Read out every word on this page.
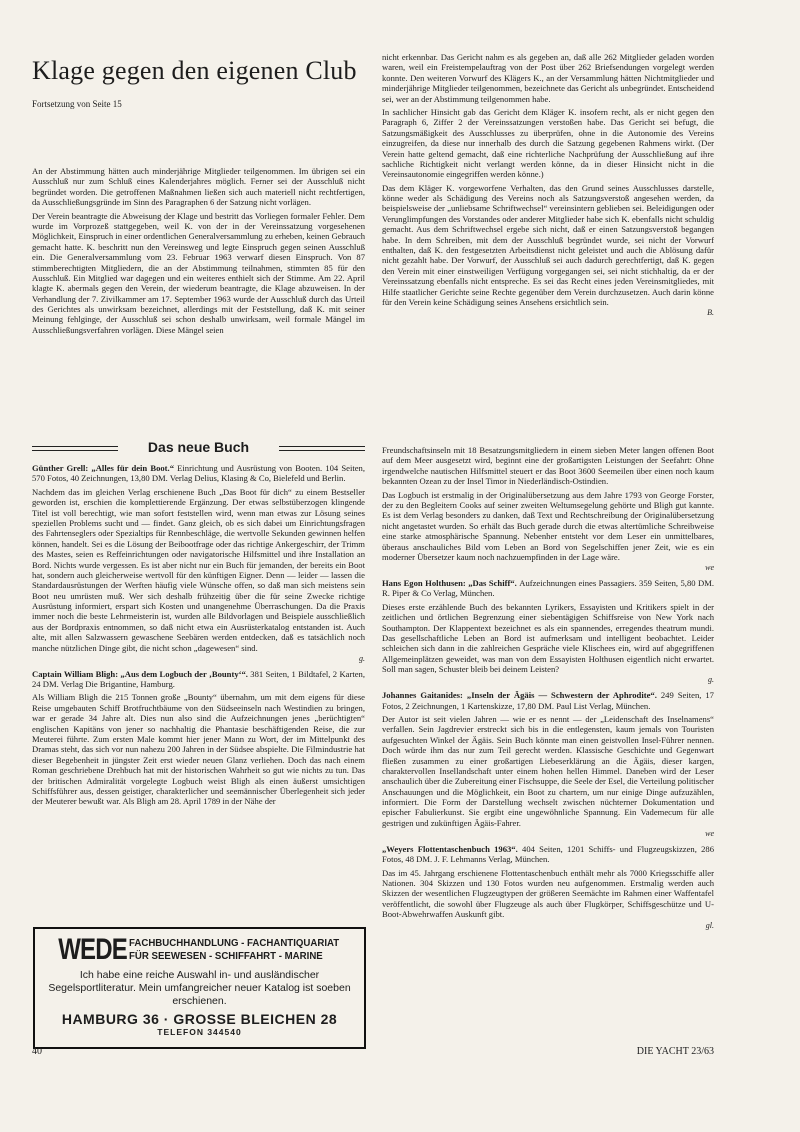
Klage gegen den eigenen Club

Fortsetzung von Seite 15

An der Abstimmung hätten auch minderjährige Mitglieder teilgenommen. Im übrigen sei ein Ausschluß nur zum Schluß eines Kalenderjahres möglich. Ferner sei der Ausschluß nicht begründet worden. Die getroffenen Maßnahmen ließen sich auch materiell nicht rechtfertigen, da Ausschließungsgründe im Sinn des Paragraphen 6 der Satzung nicht vorlägen.

Der Verein beantragte die Abweisung der Klage und bestritt das Vorliegen formaler Fehler. Dem wurde im Vorprozeß stattgegeben, weil K. von der in der Vereinssatzung vorgesehenen Möglichkeit, Einspruch in einer ordentlichen Generalversammlung zu erheben, keinen Gebrauch gemacht hatte. K. beschritt nun den Vereinsweg und legte Einspruch gegen seinen Ausschluß ein. Die Generalversammlung vom 23. Februar 1963 verwarf diesen Einspruch. Von 87 stimmberechtigten Mitgliedern, die an der Abstimmung teilnahmen, stimmten 85 für den Ausschluß. Ein Mitglied war dagegen und ein weiteres enthielt sich der Stimme. Am 22. April klagte K. abermals gegen den Verein, der wiederum beantragte, die Klage abzuweisen. In der Verhandlung der 7. Zivilkammer am 17. September 1963 wurde der Ausschluß durch das Urteil des Gerichtes als unwirksam bezeichnet, allerdings mit der Feststellung, daß K. mit seiner Meinung fehlginge, der Ausschluß sei schon deshalb unwirksam, weil formale Mängel im Ausschließungsverfahren vorlägen. Diese Mängel seien

nicht erkennbar. Das Gericht nahm es als gegeben an, daß alle 262 Mitglieder geladen worden waren, weil ein Freistempelauftrag von der Post über 262 Briefsendungen vorgelegt werden konnte. Den weiteren Vorwurf des Klägers K., an der Versammlung hätten Nichtmitglieder und minderjährige Mitglieder teilgenommen, bezeichnete das Gericht als unbegründet. Entscheidend sei, wer an der Abstimmung teilgenommen habe.

In sachlicher Hinsicht gab das Gericht dem Kläger K. insofern recht, als er nicht gegen den Paragraph 6, Ziffer 2 der Vereinssatzungen verstoßen habe. Das Gericht sei befugt, die Satzungsmäßigkeit des Ausschlusses zu überprüfen, ohne in die Autonomie des Vereins einzugreifen, da diese nur innerhalb des durch die Satzung gegebenen Rahmens wirkt. (Der Verein hatte geltend gemacht, daß eine richterliche Nachprüfung der Ausschließung auf ihre sachliche Richtigkeit nicht verlangt werden könne, da in dieser Hinsicht nicht in die Vereinsautonomie eingegriffen werden könne.)

Das dem Kläger K. vorgeworfene Verhalten, das den Grund seines Ausschlusses darstelle, könne weder als Schädigung des Vereins noch als Satzungsverstoß angesehen werden, da beispielsweise der „unliebsame Schriftwechsel“ vereinsintern geblieben sei. Beleidigungen oder Verunglimpfungen des Vorstandes oder anderer Mitglieder habe sich K. ebenfalls nicht schuldig gemacht. Aus dem Schriftwechsel ergebe sich nicht, daß er einen Satzungsverstoß begangen habe. In dem Schreiben, mit dem der Ausschluß begründet wurde, sei nicht der Vorwurf enthalten, daß K. den festgesetzten Arbeitsdienst nicht geleistet und auch die Ablösung dafür nicht gezahlt habe. Der Vorwurf, der Ausschluß sei auch dadurch gerechtfertigt, daß K. gegen den Verein mit einer einstweiligen Verfügung vorgegangen sei, sei nicht stichhaltig, da er der Vereinssatzung ebenfalls nicht entspreche. Es sei das Recht eines jeden Vereinsmitgliedes, mit Hilfe staatlicher Gerichte seine Rechte gegenüber dem Verein durchzusetzen. Auch darin könne für den Verein keine Schädigung seines Ansehens ersichtlich sein.

B.
Das neue Buch

Günther Grell: „Alles für dein Boot.“ Einrichtung und Ausrüstung von Booten. 104 Seiten, 570 Fotos, 40 Zeichnungen, 13,80 DM. Verlag Delius, Klasing & Co, Bielefeld und Berlin.

Nachdem das im gleichen Verlag erschienene Buch „Das Boot für dich“ zu einem Bestseller geworden ist, erschien die komplettierende Ergänzung. Der etwas selbstüberzogen klingende Titel ist voll berechtigt, wie man sofort feststellen wird, wenn man etwas zur Lösung seines speziellen Problems sucht und — findet. Ganz gleich, ob es sich dabei um Einrichtungsfragen des Fahrtenseglers oder Spezialtips für Rennbeschläge, die wertvolle Sekunden gewinnen helfen können, handelt. Sei es die Lösung der Beibootfrage oder das richtige Ankergeschirr, der Trimm des Mastes, seien es Reffeinrichtungen oder navigatorische Hilfsmittel und ihre Installation an Bord. Nichts wurde vergessen. Es ist aber nicht nur ein Buch für jemanden, der bereits ein Boot hat, sondern auch gleicherweise wertvoll für den künftigen Eigner. Denn — leider — lassen die Standardausrüstungen der Werften häufig viele Wünsche offen, so daß man sich meistens sein Boot neu umrüsten muß. Wer sich deshalb frühzeitig über die für seine Zwecke richtige Ausrüstung informiert, erspart sich Kosten und unangenehme Überraschungen. Da die Praxis immer noch die beste Lehrmeisterin ist, wurden alle Bildvorlagen und Beispiele ausschließlich aus der Bordpraxis entnommen, so daß nicht etwa ein Ausrüsterkatalog entstanden ist. Auch alte, mit allen Salzwassern gewaschene Seebären werden entdecken, daß es tatsächlich noch manche nützlichen Dinge gibt, die nicht schon „dagewesen“ sind.

g.

Captain William Bligh: „Aus dem Logbuch der ‚Bounty‘“. 381 Seiten, 1 Bildtafel, 2 Karten, 24 DM. Verlag Die Brigantine, Hamburg.

Als William Bligh die 215 Tonnen große „Bounty“ übernahm, um mit dem eigens für diese Reise umgebauten Schiff Brotfruchtbäume von den Südseeinseln nach Westindien zu bringen, war er gerade 34 Jahre alt. Dies nun also sind die Aufzeichnungen jenes „berüchtigten“ englischen Kapitäns von jener so nachhaltig die Phantasie beschäftigenden Reise, die zur Meuterei führte. Zum ersten Male kommt hier jener Mann zu Wort, der im Mittelpunkt des Dramas steht, das sich vor nun nahezu 200 Jahren in der Südsee abspielte. Die Filmindustrie hat dieser Begebenheit in jüngster Zeit erst wieder neuen Glanz verliehen. Doch das nach einem Roman geschriebene Drehbuch hat mit der historischen Wahrheit so gut wie nichts zu tun. Das der britischen Admiralität vorgelegte Logbuch weist Bligh als einen äußerst umsichtigen Schiffsführer aus, dessen geistiger, charakterlicher und seemännischer Überlegenheit sich jeder der Meuterer bewußt war. Als Bligh am 28. April 1789 in der Nähe der

Freundschaftsinseln mit 18 Besatzungsmitgliedern in einem sieben Meter langen offenen Boot auf dem Meer ausgesetzt wird, beginnt eine der großartigsten Leistungen der Seefahrt: Ohne irgendwelche nautischen Hilfsmittel steuert er das Boot 3600 Seemeilen über einen noch kaum bekannten Ozean zu der Insel Timor in Niederländisch-Ostindien.

Das Logbuch ist erstmalig in der Originalübersetzung aus dem Jahre 1793 von George Forster, der zu den Begleitern Cooks auf seiner zweiten Weltumsegelung gehörte und Bligh gut kannte. Es ist dem Verlag besonders zu danken, daß Text und Rechtschreibung der Originalübersetzung nicht angetastet wurden. So erhält das Buch gerade durch die etwas altertümliche Schreibweise eine starke atmosphärische Spannung. Nebenher entsteht vor dem Leser ein unmittelbares, überaus anschauliches Bild vom Leben an Bord von Segelschiffen jener Zeit, wie es ein moderner Übersetzer kaum noch nachzuempfinden in der Lage wäre.

we

Hans Egon Holthusen: „Das Schiff“. Aufzeichnungen eines Passagiers. 359 Seiten, 5,80 DM. R. Piper & Co Verlag, München.

Dieses erste erzählende Buch des bekannten Lyrikers, Essayisten und Kritikers spielt in der zeitlichen und örtlichen Begrenzung einer siebentägigen Schiffsreise von New York nach Southampton. Der Klappentext bezeichnet es als ein spannendes, erregendes theatrum mundi. Das gesellschaftliche Leben an Bord ist aufmerksam und intelligent beobachtet. Leider schleichen sich dann in die zahlreichen Gespräche viele Klischees ein, wird auf abgegriffenen Allgemeinplätzen geweidet, was man von dem Essayisten Holthusen eigentlich nicht erwartet. Soll man sagen, Schuster bleib bei deinem Leisten?

g.

Johannes Gaitanides: „Inseln der Ägäis — Schwestern der Aphrodite“. 249 Seiten, 17 Fotos, 2 Zeichnungen, 1 Kartenskizze, 17,80 DM. Paul List Verlag, München.

Der Autor ist seit vielen Jahren — wie er es nennt — der „Leidenschaft des Inselnamens“ verfallen. Sein Jagdrevier erstreckt sich bis in die entlegensten, kaum jemals von Touristen aufgesuchten Winkel der Ägäis. Sein Buch könnte man einen geistvollen Insel-Führer nennen. Doch würde ihm das nur zum Teil gerecht werden. Klassische Geschichte und Gegenwart fließen zusammen zu einer großartigen Liebeserklärung an die Ägäis, dieser kargen, charaktervollen Insellandschaft unter einem hohen hellen Himmel. Daneben wird der Leser anschaulich über die Zubereitung einer Fischsuppe, die Seele der Esel, die Verteilung politischer Anschauungen und die Möglichkeit, ein Boot zu chartern, um nur einige Dinge aufzuzählen, informiert. Die Form der Darstellung wechselt zwischen nüchterner Dokumentation und epischer Fabulierkunst. Sie ergibt eine ungewöhnliche Spannung. Ein Vademecum für alle gestrigen und zukünftigen Ägäis-Fahrer.

we

„Weyers Flottentaschenbuch 1963“. 404 Seiten, 1201 Schiffs- und Flugzeugskizzen, 286 Fotos, 48 DM. J. F. Lehmanns Verlag, München.

Das im 45. Jahrgang erschienene Flottentaschenbuch enthält mehr als 7000 Kriegsschiffe aller Nationen. 304 Skizzen und 130 Fotos wurden neu aufgenommen. Erstmalig werden auch Skizzen der wesentlichen Flugzeugtypen der größeren Seemächte im Rahmen einer Waffentafel veröffentlicht, die sowohl über Flugzeuge als auch über Flugkörper, Schiffsgeschütze und U-Boot-Abwehrwaffen Auskunft gibt.

gl.
WEDE FACHBUCHHANDLUNG - FACHANTIQUARIAT
FÜR SEEWESEN - SCHIFFAHRT - MARINE
Ich habe eine reiche Auswahl in- und ausländischer Segelsportliteratur. Mein umfangreicher neuer Katalog ist soeben erschienen.
HAMBURG 36 · GROSSE BLEICHEN 28
TELEFON 344540
40	DIE YACHT 23/63
